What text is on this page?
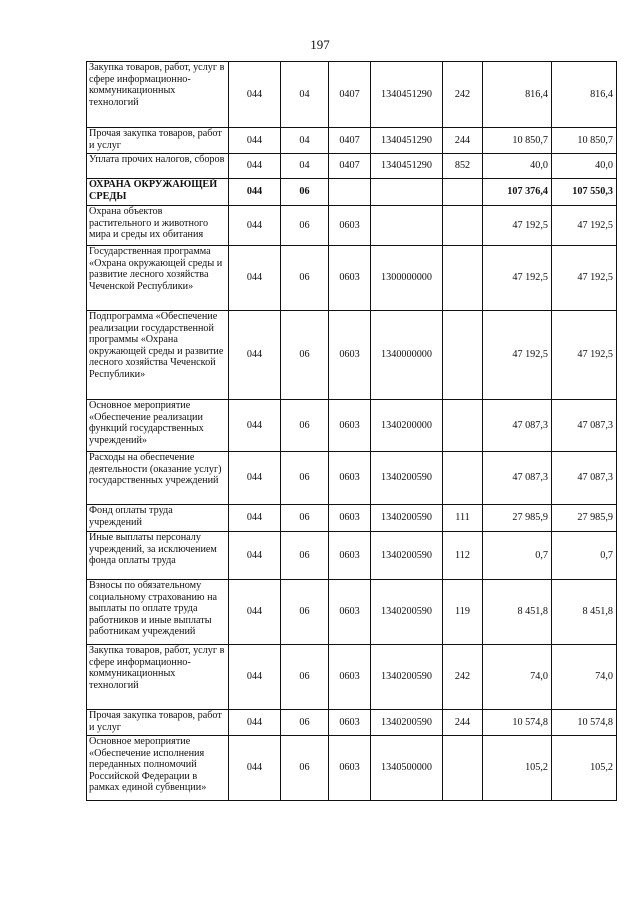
197
Закупка товаров, работ, услуг в сфере информационно-коммуникационных технологий	044	04	0407	1340451290	242	816,4	816,4
Прочая закупка товаров, работ и услуг	044	04	0407	1340451290	244	10 850,7	10 850,7
Уплата прочих налогов, сборов	044	04	0407	1340451290	852	40,0	40,0
ОХРАНА ОКРУЖАЮЩЕЙ СРЕДЫ	044	06				107 376,4	107 550,3
Охрана объектов растительного и животного мира и среды их обитания	044	06	0603			47 192,5	47 192,5
Государственная программа «Охрана окружающей среды и развитие лесного хозяйства Чеченской Республики»	044	06	0603	1300000000		47 192,5	47 192,5
Подпрограмма «Обеспечение реализации государственной программы «Охрана окружающей среды и развитие лесного хозяйства Чеченской Республики»	044	06	0603	1340000000		47 192,5	47 192,5
Основное мероприятие «Обеспечение реализации функций государственных учреждений»	044	06	0603	1340200000		47 087,3	47 087,3
Расходы на обеспечение деятельности (оказание услуг) государственных учреждений	044	06	0603	1340200590		47 087,3	47 087,3
Фонд оплаты труда учреждений	044	06	0603	1340200590	111	27 985,9	27 985,9
Иные выплаты персоналу учреждений, за исключением фонда оплаты труда	044	06	0603	1340200590	112	0,7	0,7
Взносы по обязательному социальному страхованию на выплаты по оплате труда работников и иные выплаты работникам учреждений	044	06	0603	1340200590	119	8 451,8	8 451,8
Закупка товаров, работ, услуг в сфере информационно-коммуникационных технологий	044	06	0603	1340200590	242	74,0	74,0
Прочая закупка товаров, работ и услуг	044	06	0603	1340200590	244	10 574,8	10 574,8
Основное мероприятие «Обеспечение исполнения переданных полномочий Российской Федерации в рамках единой субвенции»	044	06	0603	1340500000		105,2	105,2
